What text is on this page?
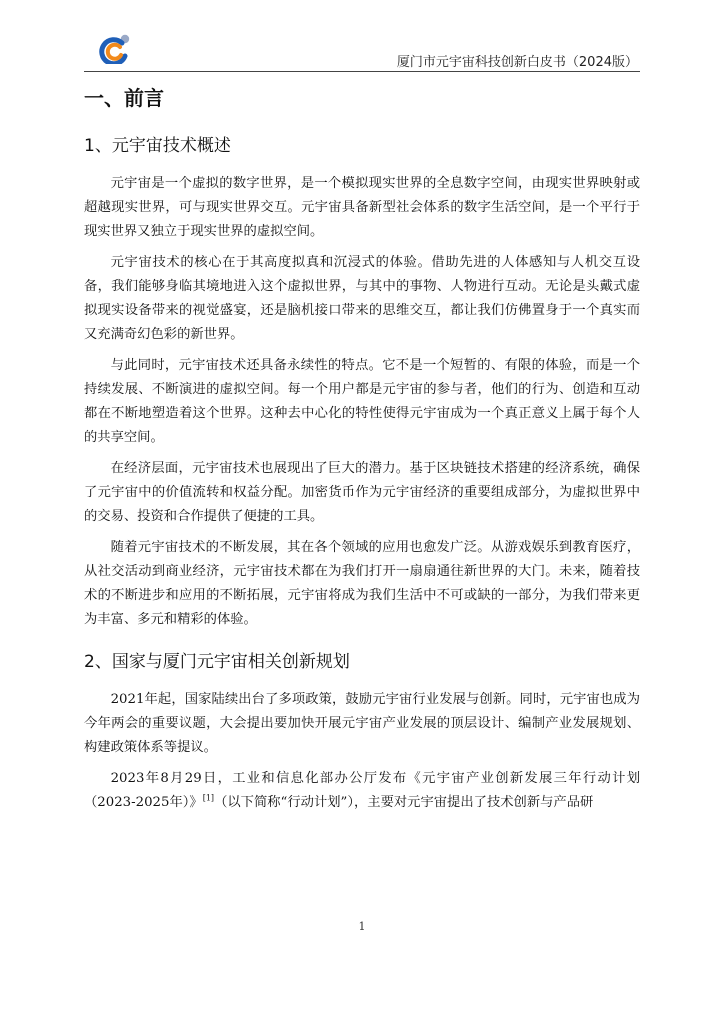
厦门市元宇宙科技创新白皮书（2024版）
一、前言
1、元宇宙技术概述

元宇宙是一个虚拟的数字世界，是一个模拟现实世界的全息数字空间，由现实世界映射或超越现实世界，可与现实世界交互。元宇宙具备新型社会体系的数字生活空间，是一个平行于现实世界又独立于现实世界的虚拟空间。

元宇宙技术的核心在于其高度拟真和沉浸式的体验。借助先进的人体感知与人机交互设备，我们能够身临其境地进入这个虚拟世界，与其中的事物、人物进行互动。无论是头戴式虚拟现实设备带来的视觉盛宴，还是脑机接口带来的思维交互，都让我们仿佛置身于一个真实而又充满奇幻色彩的新世界。

与此同时，元宇宙技术还具备永续性的特点。它不是一个短暂的、有限的体验，而是一个持续发展、不断演进的虚拟空间。每一个用户都是元宇宙的参与者，他们的行为、创造和互动都在不断地塑造着这个世界。这种去中心化的特性使得元宇宙成为一个真正意义上属于每个人的共享空间。

在经济层面，元宇宙技术也展现出了巨大的潜力。基于区块链技术搭建的经济系统，确保了元宇宙中的价值流转和权益分配。加密货币作为元宇宙经济的重要组成部分，为虚拟世界中的交易、投资和合作提供了便捷的工具。

随着元宇宙技术的不断发展，其在各个领域的应用也愈发广泛。从游戏娱乐到教育医疗，从社交活动到商业经济，元宇宙技术都在为我们打开一扇扇通往新世界的大门。未来，随着技术的不断进步和应用的不断拓展，元宇宙将成为我们生活中不可或缺的一部分，为我们带来更为丰富、多元和精彩的体验。

2、国家与厦门元宇宙相关创新规划

2021年起，国家陆续出台了多项政策，鼓励元宇宙行业发展与创新。同时，元宇宙也成为今年两会的重要议题，大会提出要加快开展元宇宙产业发展的顶层设计、编制产业发展规划、构建政策体系等提议。

2023年8月29日，工业和信息化部办公厅发布《元宇宙产业创新发展三年行动计划（2023-2025年）》[1]（以下简称“行动计划”），主要对元宇宙提出了技术创新与产品研

1
